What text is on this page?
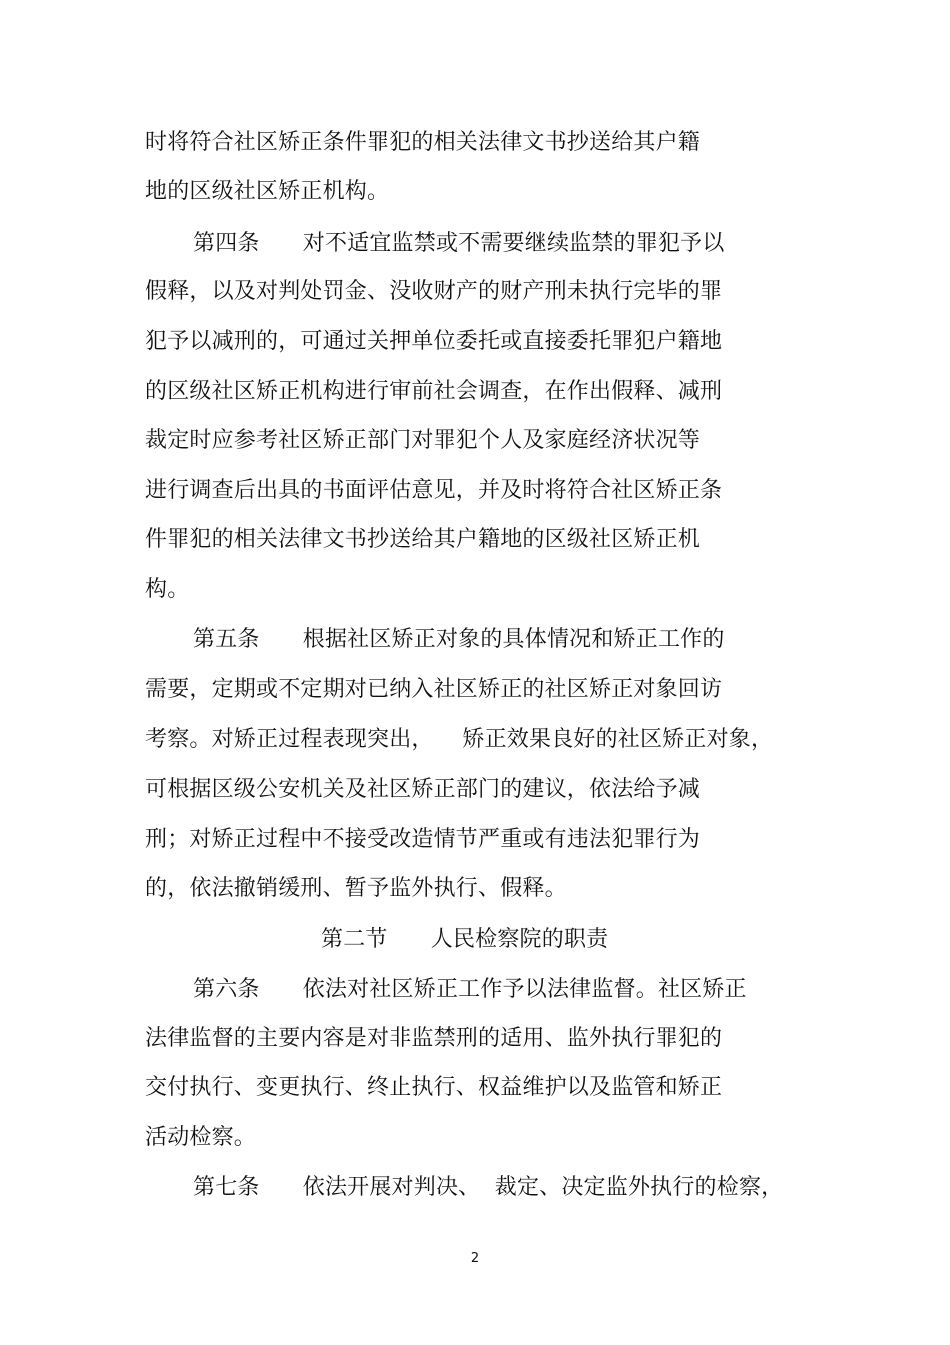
时将符合社区矫正条件罪犯的相关法律文书抄送给其户籍
地的区级社区矫正机构。
第四条      对不适宜监禁或不需要继续监禁的罪犯予以
假释，以及对判处罚金、没收财产的财产刑未执行完毕的罪
犯予以减刑的，可通过关押单位委托或直接委托罪犯户籍地
的区级社区矫正机构进行审前社会调查，在作出假释、减刑
裁定时应参考社区矫正部门对罪犯个人及家庭经济状况等
进行调查后出具的书面评估意见，并及时将符合社区矫正条
件罪犯的相关法律文书抄送给其户籍地的区级社区矫正机
构。
第五条      根据社区矫正对象的具体情况和矫正工作的
需要，定期或不定期对已纳入社区矫正的社区矫正对象回访
考察。对矫正过程表现突出，    矫正效果良好的社区矫正对象，
可根据区级公安机关及社区矫正部门的建议，依法给予减
刑；对矫正过程中不接受改造情节严重或有违法犯罪行为
的，依法撤销缓刑、暂予监外执行、假释。
第二节      人民检察院的职责
第六条      依法对社区矫正工作予以法律监督。社区矫正
法律监督的主要内容是对非监禁刑的适用、监外执行罪犯的
交付执行、变更执行、终止执行、权益维护以及监管和矫正
活动检察。
第七条      依法开展对判决、  裁定、决定监外执行的检察，
2
